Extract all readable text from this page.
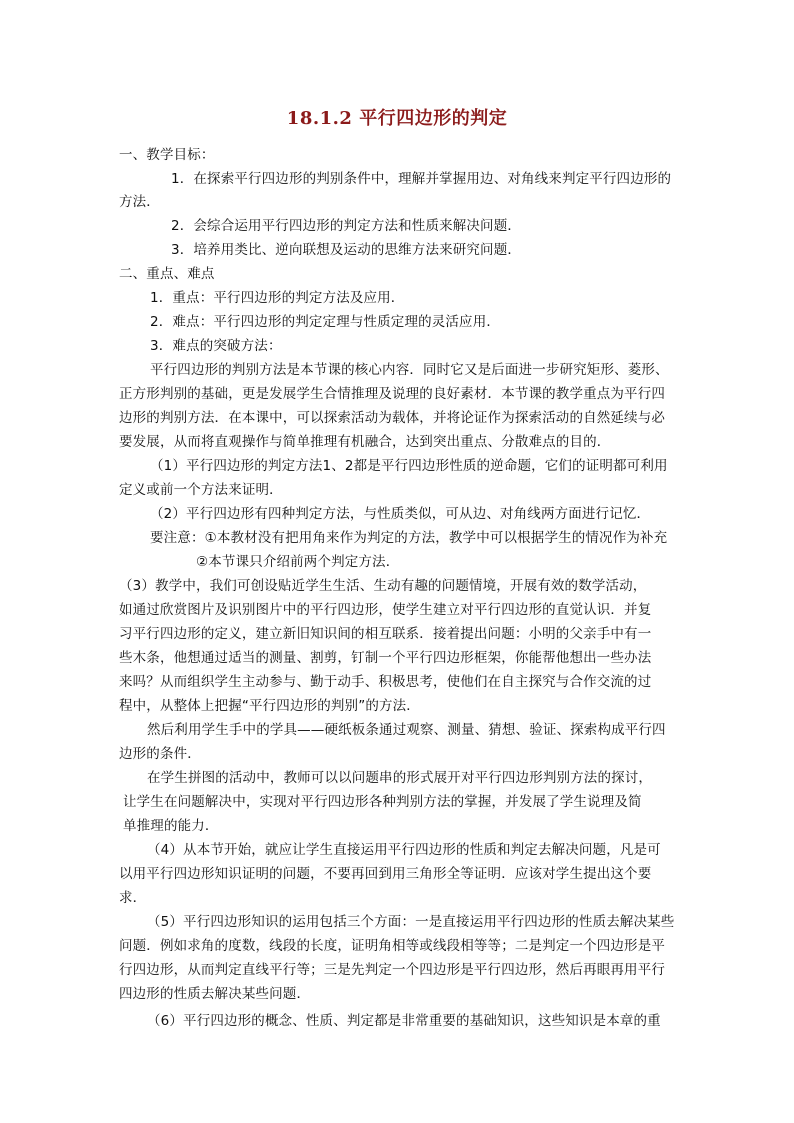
18.1.2 平行四边形的判定
一、教学目标：
1．在探索平行四边形的判别条件中，理解并掌握用边、对角线来判定平行四边形的
方法．
2．会综合运用平行四边形的判定方法和性质来解决问题．
3．培养用类比、逆向联想及运动的思维方法来研究问题．
二、重点、难点
1．重点：平行四边形的判定方法及应用．
2．难点：平行四边形的判定定理与性质定理的灵活应用．
3．难点的突破方法：
平行四边形的判别方法是本节课的核心内容．同时它又是后面进一步研究矩形、菱形、
正方形判别的基础，更是发展学生合情推理及说理的良好素材．本节课的教学重点为平行四
边形的判别方法．在本课中，可以探索活动为载体，并将论证作为探索活动的自然延续与必
要发展，从而将直观操作与简单推理有机融合，达到突出重点、分散难点的目的．
（1）平行四边形的判定方法1、2都是平行四边形性质的逆命题，它们的证明都可利用
定义或前一个方法来证明．
（2）平行四边形有四种判定方法，与性质类似，可从边、对角线两方面进行记忆．
要注意：①本教材没有把用角来作为判定的方法，教学中可以根据学生的情况作为补充
②本节课只介绍前两个判定方法．
（3）教学中，我们可创设贴近学生生活、生动有趣的问题情境，开展有效的数学活动，
如通过欣赏图片及识别图片中的平行四边形，使学生建立对平行四边形的直觉认识．并复
习平行四边形的定义，建立新旧知识间的相互联系．接着提出问题：小明的父亲手中有一
些木条，他想通过适当的测量、割剪，钉制一个平行四边形框架，你能帮他想出一些办法
来吗？从而组织学生主动参与、勤于动手、积极思考，使他们在自主探究与合作交流的过
程中，从整体上把握“平行四边形的判别”的方法．
然后利用学生手中的学具——硬纸板条通过观察、测量、猜想、验证、探索构成平行四
边形的条件．
在学生拼图的活动中，教师可以以问题串的形式展开对平行四边形判别方法的探讨，
让学生在问题解决中，实现对平行四边形各种判别方法的掌握，并发展了学生说理及简
单推理的能力．
（4）从本节开始，就应让学生直接运用平行四边形的性质和判定去解决问题，凡是可
以用平行四边形知识证明的问题，不要再回到用三角形全等证明．应该对学生提出这个要
求．
（5）平行四边形知识的运用包括三个方面：一是直接运用平行四边形的性质去解决某些
问题．例如求角的度数，线段的长度，证明角相等或线段相等等；二是判定一个四边形是平
行四边形，从而判定直线平行等；三是先判定一个四边形是平行四边形，然后再眼再用平行
四边形的性质去解决某些问题．
（6）平行四边形的概念、性质、判定都是非常重要的基础知识，这些知识是本章的重
